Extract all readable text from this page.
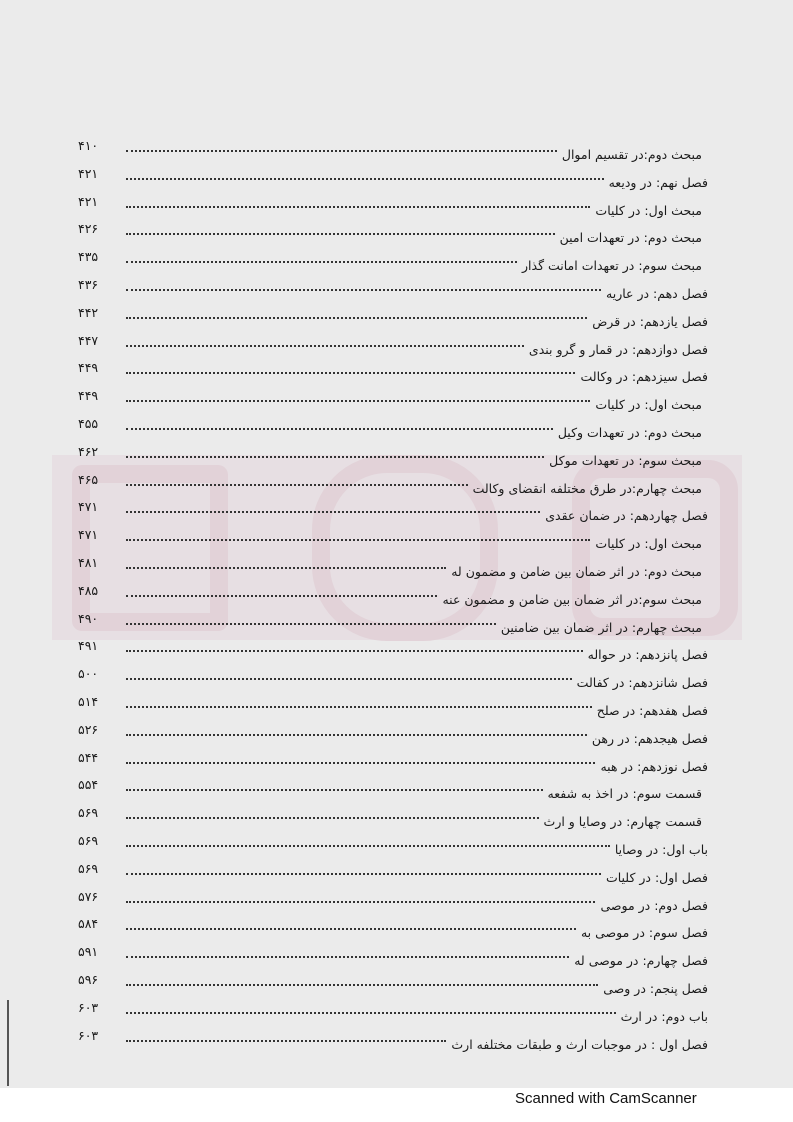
مبحث دوم:در تقسیم اموال
۴۱۰
فصل نهم: در ودیعه
۴۲۱
مبحث اول: در کلیات
۴۲۱
مبحث دوم: در تعهدات امین
۴۲۶
مبحث سوم: در تعهدات امانت گذار
۴۳۵
فصل دهم: در عاریه
۴۳۶
فصل یازدهم: در قرض
۴۴۲
فصل دوازدهم: در قمار و گرو بندی
۴۴۷
فصل سیزدهم: در وکالت
۴۴۹
مبحث اول: در کلیات
۴۴۹
مبحث دوم: در تعهدات وکیل
۴۵۵
مبحث سوم: در تعهدات موکل
۴۶۲
مبحث چهارم:در طرق مختلفه انقضای وکالت
۴۶۵
فصل چهاردهم: در ضمان عقدی
۴۷۱
مبحث اول: در کلیات
۴۷۱
مبحث دوم: در اثر ضمان بین ضامن و مضمون له
۴۸۱
مبحث سوم:در اثر ضمان بین ضامن و مضمون عنه
۴۸۵
مبحث چهارم: در اثر ضمان بین ضامنین
۴۹۰
فصل پانزدهم: در حواله
۴۹۱
فصل شانزدهم: در کفالت
۵۰۰
فصل هفدهم: در صلح
۵۱۴
فصل هیجدهم: در رهن
۵۲۶
فصل نوزدهم: در هبه
۵۴۴
قسمت سوم: در اخذ به شفعه
۵۵۴
قسمت چهارم: در وصایا و ارث
۵۶۹
باب اول: در وصایا
۵۶۹
فصل اول: در کلیات
۵۶۹
فصل دوم: در موصی
۵۷۶
فصل سوم: در موصی به
۵۸۴
فصل چهارم: در موصی له
۵۹۱
فصل پنجم: در وصی
۵۹۶
باب دوم: در ارث
۶۰۳
فصل اول : در موجبات ارث و طبقات مختلفه ارث
۶۰۳
Scanned with CamScanner
